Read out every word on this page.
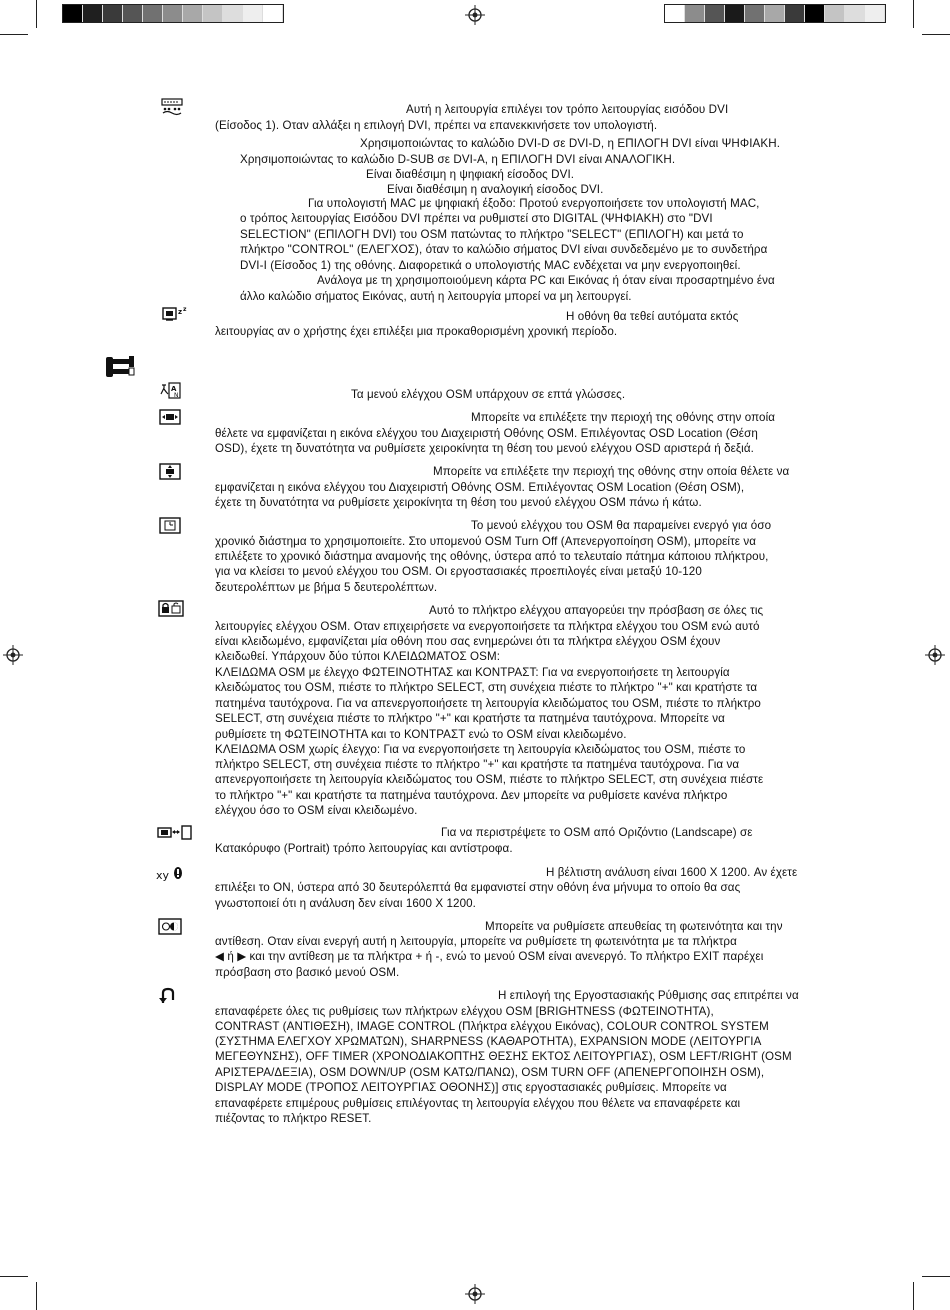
z z
A
N
xy
Αυτή η λειτουργία επιλέγει τον τρόπο λειτουργίας εισόδου DVI
(Είσοδος 1). Οταν αλλάξει η επιλογή DVI, πρέπει να επανεκκινήσετε τον υπολογιστή.
Χρησιμοποιώντας το καλώδιο DVI-D σε DVI-D, η ΕΠΙΛΟΓΗ DVI είναι ΨΗΦΙΑΚΗ.
Χρησιμοποιώντας το καλώδιο D-SUB σε DVI-A, η ΕΠΙΛΟΓΗ DVI είναι ΑΝΑΛΟΓΙΚΗ.
Είναι διαθέσιμη η ψηφιακή είσοδος DVI.
Είναι διαθέσιμη η αναλογική είσοδος DVI.
Για υπολογιστή MAC με ψηφιακή έξοδο: Προτού ενεργοποιήσετε τον υπολογιστή MAC,
ο τρόπος λειτουργίας Εισόδου DVI πρέπει να ρυθμιστεί στο DIGITAL (ΨΗΦΙΑΚΗ) στο "DVI
SELECTION" (ΕΠΙΛΟΓΗ DVI) του OSM πατώντας το πλήκτρο "SELECT" (ΕΠΙΛΟΓΗ) και μετά το
πλήκτρο "CONTROL" (ΕΛΕΓΧΟΣ), όταν το καλώδιο σήματος DVI είναι συνδεδεμένο με το συνδετήρα
DVI-I (Είσοδος 1) της οθόνης. Διαφορετικά ο υπολογιστής MAC ενδέχεται να μην ενεργοποιηθεί.
Ανάλογα με τη χρησιμοποιούμενη κάρτα PC και Εικόνας ή όταν είναι προσαρτημένο ένα
άλλο καλώδιο σήματος Εικόνας, αυτή η λειτουργία μπορεί να μη λειτουργεί.
Η οθόνη θα τεθεί αυτόματα εκτός
λειτουργίας αν ο χρήστης έχει επιλέξει μια προκαθορισμένη χρονική περίοδο.
Τα μενού ελέγχου OSM υπάρχουν σε επτά γλώσσες.
Μπορείτε να επιλέξετε την περιοχή της οθόνης στην οποία
θέλετε να εμφανίζεται η εικόνα ελέγχου του Διαχειριστή Οθόνης OSM. Επιλέγοντας OSD Location (Θέση
OSD), έχετε τη δυνατότητα να ρυθμίσετε χειροκίνητα τη θέση του μενού ελέγχου OSD αριστερά ή δεξιά.
Μπορείτε να επιλέξετε την περιοχή της οθόνης στην οποία θέλετε να
εμφανίζεται η εικόνα ελέγχου του Διαχειριστή Οθόνης OSM. Επιλέγοντας OSM Location (Θέση OSM),
έχετε τη δυνατότητα να ρυθμίσετε χειροκίνητα τη θέση του μενού ελέγχου OSM πάνω ή κάτω.
Το μενού ελέγχου του OSM θα παραμείνει ενεργό για όσο
χρονικό διάστημα το χρησιμοποιείτε. Στο υπομενού OSM Turn Off (Απενεργοποίηση OSM), μπορείτε να
επιλέξετε το χρονικό διάστημα αναμονής της οθόνης, ύστερα από το τελευταίο πάτημα κάποιου πλήκτρου,
για να κλείσει το μενού ελέγχου του OSM. Οι εργοστασιακές προεπιλογές είναι μεταξύ 10-120
δευτερολέπτων με βήμα 5 δευτερολέπτων.
Αυτό το πλήκτρο ελέγχου απαγορεύει την πρόσβαση σε όλες τις
λειτουργίες ελέγχου OSM. Οταν επιχειρήσετε να ενεργοποιήσετε τα πλήκτρα ελέγχου του OSM ενώ αυτό
είναι κλειδωμένο, εμφανίζεται μία οθόνη που σας ενημερώνει ότι τα πλήκτρα ελέγχου OSM έχουν
κλειδωθεί. Υπάρχουν δύο τύποι ΚΛΕΙΔΩΜΑΤΟΣ OSM:
ΚΛΕΙΔΩΜΑ OSM με έλεγχο ΦΩΤΕΙΝΟΤΗΤΑΣ και ΚΟΝΤΡΑΣΤ: Για να ενεργοποιήσετε τη λειτουργία
κλειδώματος του OSM, πιέστε το πλήκτρο SELECT, στη συνέχεια πιέστε το πλήκτρο "+" και κρατήστε τα
πατημένα ταυτόχρονα. Για να απενεργοποιήσετε τη λειτουργία κλειδώματος του OSM, πιέστε το πλήκτρο
SELECT, στη συνέχεια πιέστε το πλήκτρο "+" και κρατήστε τα πατημένα ταυτόχρονα. Μπορείτε να
ρυθμίσετε τη ΦΩΤΕΙΝΟΤΗΤΑ και το ΚΟΝΤΡΑΣΤ ενώ το OSM είναι κλειδωμένο.
ΚΛΕΙΔΩΜΑ OSM χωρίς έλεγχο: Για να ενεργοποιήσετε τη λειτουργία κλειδώματος του OSM, πιέστε το
πλήκτρο SELECT, στη συνέχεια πιέστε το πλήκτρο "+" και κρατήστε τα πατημένα ταυτόχρονα. Για να
απενεργοποιήσετε τη λειτουργία κλειδώματος του OSM, πιέστε το πλήκτρο SELECT, στη συνέχεια πιέστε
το πλήκτρο "+" και κρατήστε τα πατημένα ταυτόχρονα. Δεν μπορείτε να ρυθμίσετε κανένα πλήκτρο
ελέγχου όσο το OSM είναι κλειδωμένο.
Για να περιστρέψετε το OSM από Οριζόντιο (Landscape) σε
Κατακόρυφο (Portrait) τρόπο λειτουργίας και αντίστροφα.
Η βέλτιστη ανάλυση είναι 1600 X 1200. Αν έχετε
επιλέξει το ON, ύστερα από 30 δευτερόλεπτά θα εμφανιστεί στην οθόνη ένα μήνυμα το οποίο θα σας
γνωστοποιεί ότι η ανάλυση δεν είναι 1600 X 1200.
Μπορείτε να ρυθμίσετε απευθείας τη φωτεινότητα και την
αντίθεση. Οταν είναι ενεργή αυτή η λειτουργία, μπορείτε να ρυθμίσετε τη φωτεινότητα με τα πλήκτρα
◀ ή ▶ και την αντίθεση με τα πλήκτρα + ή -, ενώ το μενού OSM είναι ανενεργό. Το πλήκτρο EXIT παρέχει
πρόσβαση στο βασικό μενού OSM.
Η επιλογή της Εργοστασιακής Ρύθμισης σας επιτρέπει να
επαναφέρετε όλες τις ρυθμίσεις των πλήκτρων ελέγχου OSM [BRIGHTNESS (ΦΩΤΕΙΝΟΤΗΤΑ),
CONTRAST (ΑΝΤΙΘΕΣΗ), IMAGE CONTROL (Πλήκτρα ελέγχου Εικόνας), COLOUR CONTROL SYSTEM
(ΣΥΣΤΗΜΑ ΕΛΕΓΧΟΥ ΧΡΩΜΑΤΩΝ), SHARPNESS (ΚΑΘΑΡΟΤΗΤΑ), EXPANSION MODE (ΛΕΙΤΟΥΡΓΙΑ
ΜΕΓΕΘΥΝΣΗΣ), OFF TIMER (ΧΡΟΝΟΔΙΑΚΟΠΤΗΣ ΘΕΣΗΣ ΕΚΤΟΣ ΛΕΙΤΟΥΡΓΙΑΣ), OSM LEFT/RIGHT (OSM
ΑΡΙΣΤΕΡΑ/ΔΕΞΙΑ), OSM DOWN/UP (OSM ΚΑΤΩ/ΠΑΝΩ), OSM TURN OFF (ΑΠΕΝΕΡΓΟΠΟΙΗΣΗ OSM),
DISPLAY MODE (ΤΡΟΠΟΣ ΛΕΙΤΟΥΡΓΙΑΣ ΟΘΟΝΗΣ)] στις εργοστασιακές ρυθμίσεις. Μπορείτε να
επαναφέρετε επιμέρους ρυθμίσεις επιλέγοντας τη λειτουργία ελέγχου που θέλετε να επαναφέρετε και
πιέζοντας το πλήκτρο RESET.
